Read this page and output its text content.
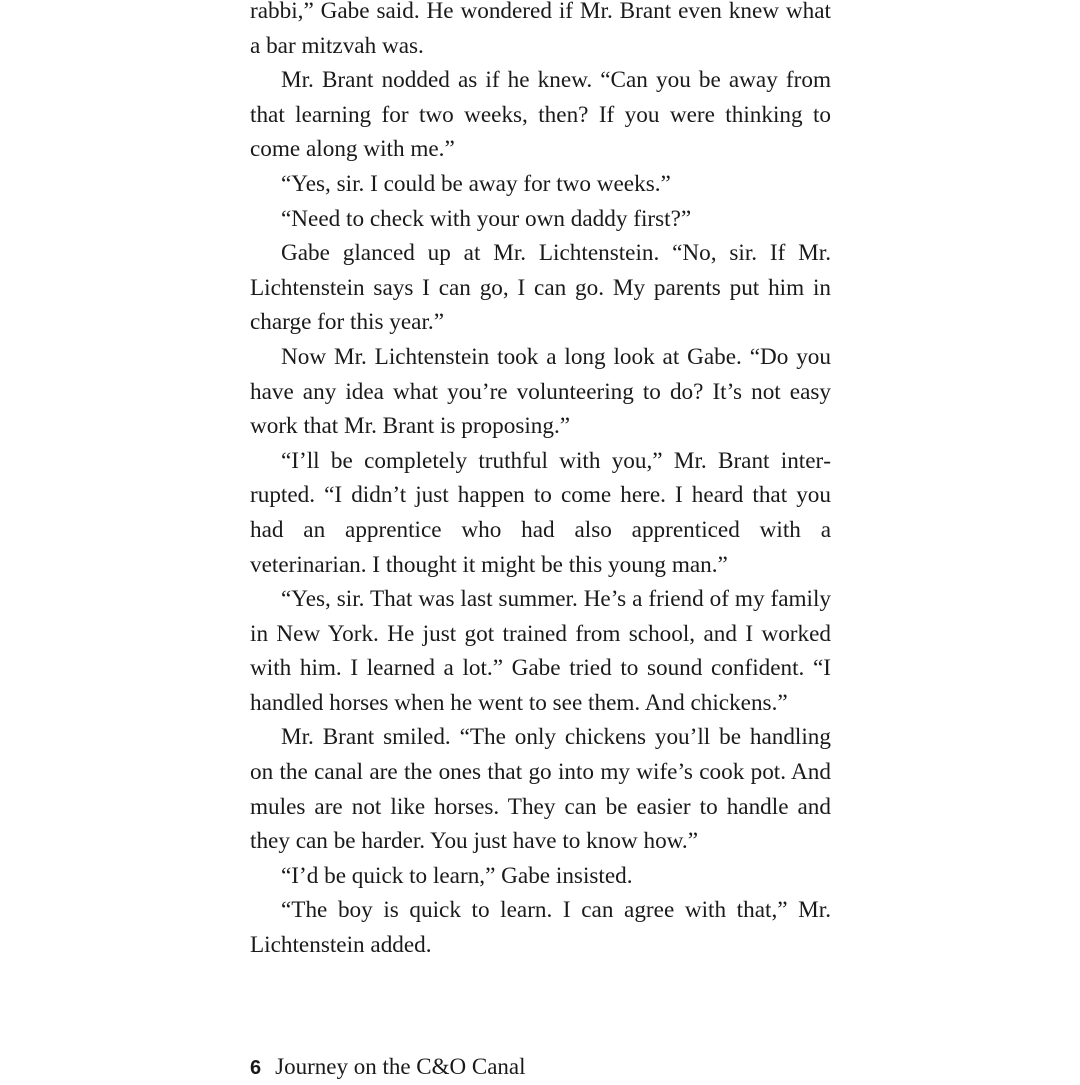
rabbi,” Gabe said. He wondered if Mr. Brant even knew what a bar mitzvah was.

Mr. Brant nodded as if he knew. “Can you be away from that learning for two weeks, then? If you were thinking to come along with me.”

“Yes, sir. I could be away for two weeks.”

“Need to check with your own daddy first?”

Gabe glanced up at Mr. Lichtenstein. “No, sir. If Mr. Lichtenstein says I can go, I can go. My parents put him in charge for this year.”

Now Mr. Lichtenstein took a long look at Gabe. “Do you have any idea what you’re volunteering to do? It’s not easy work that Mr. Brant is proposing.”

“I’ll be completely truthful with you,” Mr. Brant interrupted. “I didn’t just happen to come here. I heard that you had an apprentice who had also apprenticed with a veterinarian. I thought it might be this young man.”

“Yes, sir. That was last summer. He’s a friend of my family in New York. He just got trained from school, and I worked with him. I learned a lot.” Gabe tried to sound confident. “I handled horses when he went to see them. And chickens.”

Mr. Brant smiled. “The only chickens you’ll be handling on the canal are the ones that go into my wife’s cook pot. And mules are not like horses. They can be easier to handle and they can be harder. You just have to know how.”

“I’d be quick to learn,” Gabe insisted.

“The boy is quick to learn. I can agree with that,” Mr. Lichtenstein added.

6 Journey on the C&O Canal
